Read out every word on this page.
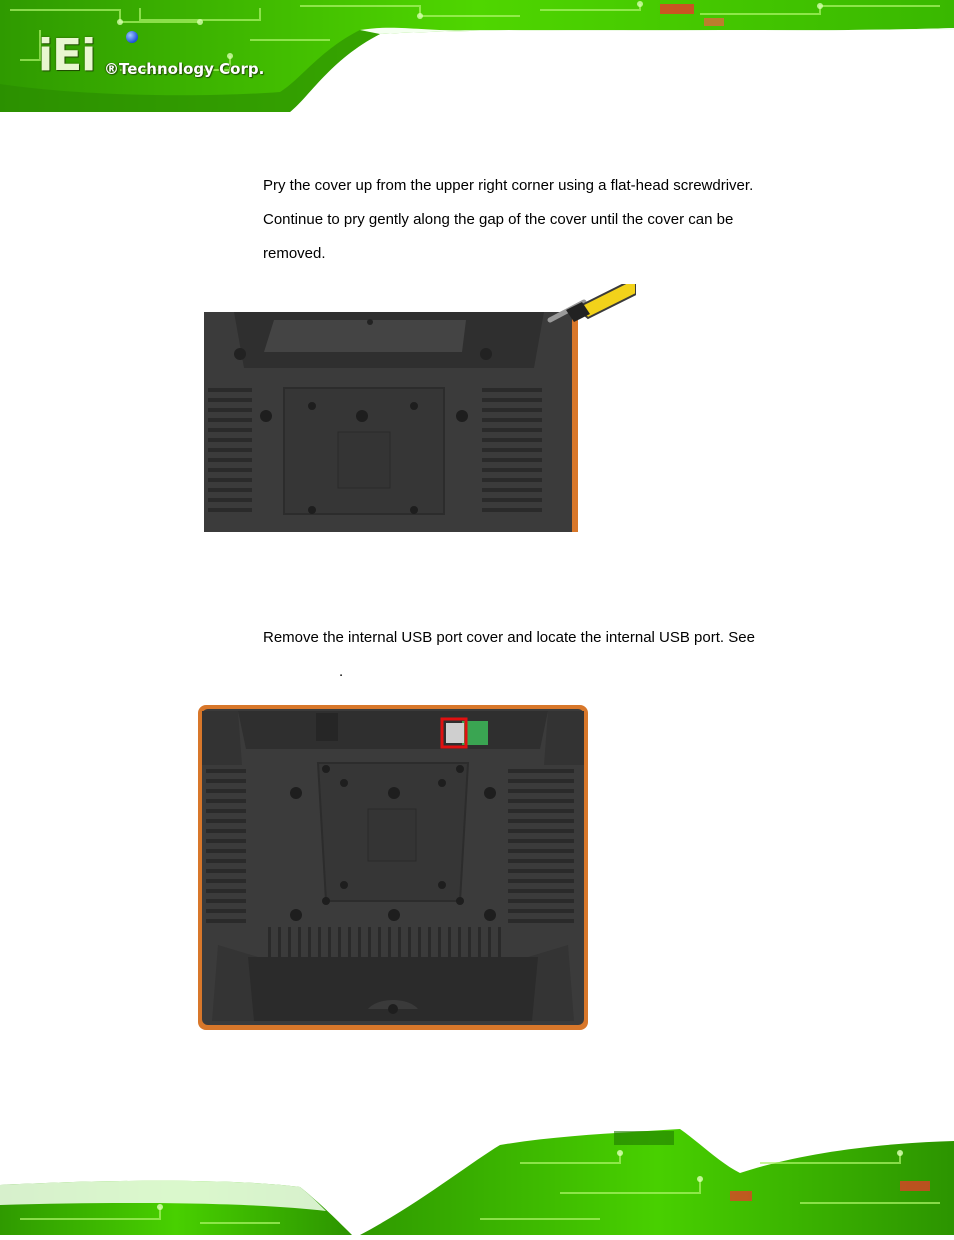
iEi ®Technology Corp.

Pry the cover up from the upper right corner using a flat-head screwdriver.
Continue to pry gently along the gap of the cover until the cover can be
removed.

Remove the internal USB port cover and locate the internal USB port. See
.
